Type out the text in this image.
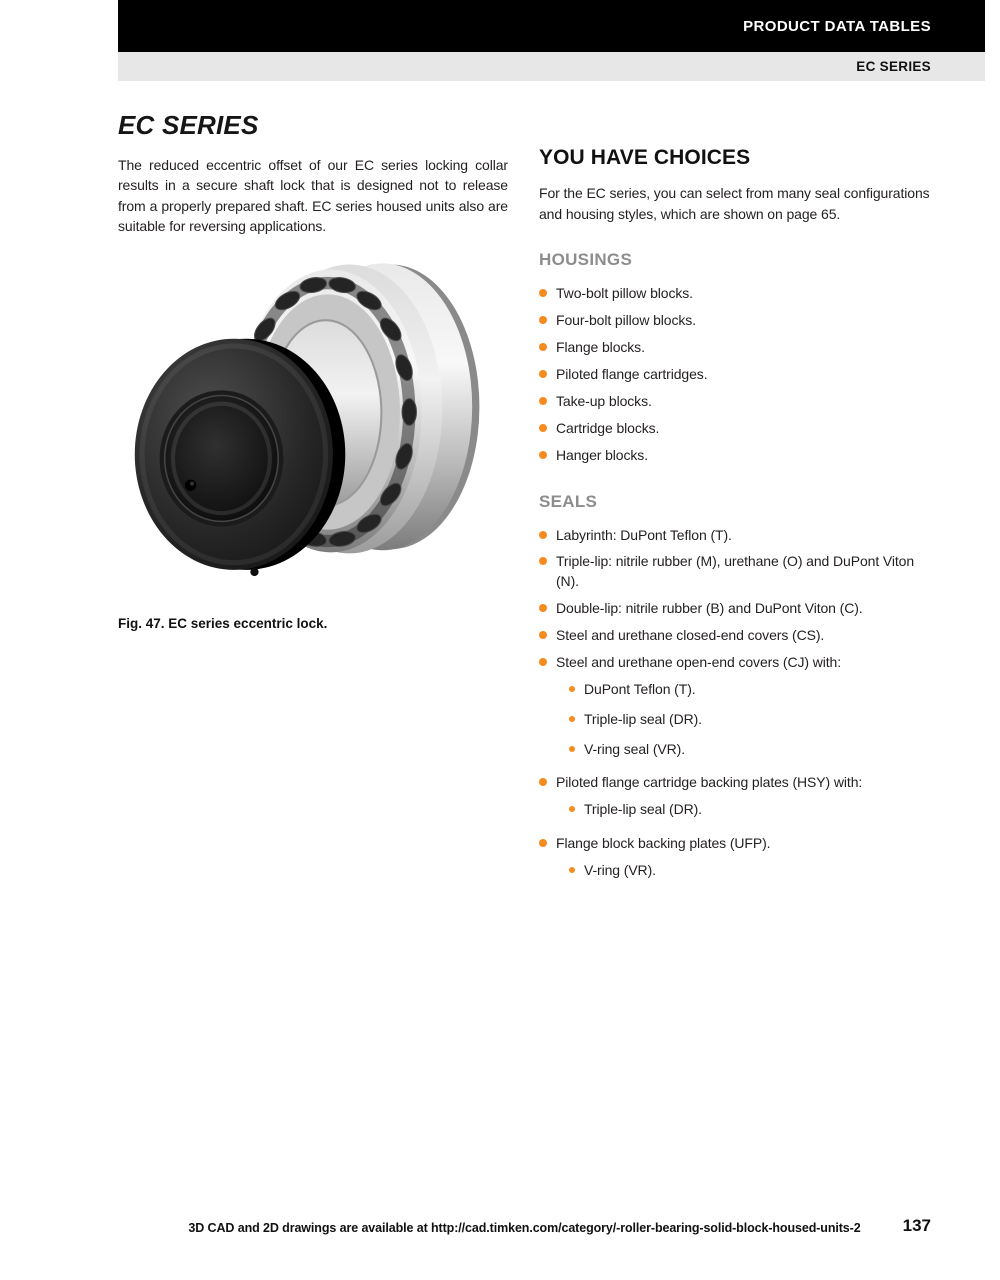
PRODUCT DATA TABLES
EC SERIES
EC SERIES

The reduced eccentric offset of our EC series locking collar results in a secure shaft lock that is designed not to release from a properly prepared shaft. EC series housed units also are suitable for reversing applications.

Fig. 47. EC series eccentric lock.
YOU HAVE CHOICES

For the EC series, you can select from many seal configurations and housing styles, which are shown on page 65.

HOUSINGS
Two-bolt pillow blocks.
Four-bolt pillow blocks.
Flange blocks.
Piloted flange cartridges.
Take-up blocks.
Cartridge blocks.
Hanger blocks.
SEALS
Labyrinth: DuPont Teflon (T).
Triple-lip: nitrile rubber (M), urethane (O) and DuPont Viton (N).
Double-lip: nitrile rubber (B) and DuPont Viton (C).
Steel and urethane closed-end covers (CS).
Steel and urethane open-end covers (CJ) with:
DuPont Teflon (T).
Triple-lip seal (DR).
V-ring seal (VR).
Piloted flange cartridge backing plates (HSY) with:
Triple-lip seal (DR).
Flange block backing plates (UFP).
V-ring (VR).
3D CAD and 2D drawings are available at http://cad.timken.com/category/-roller-bearing-solid-block-housed-units-2	137
